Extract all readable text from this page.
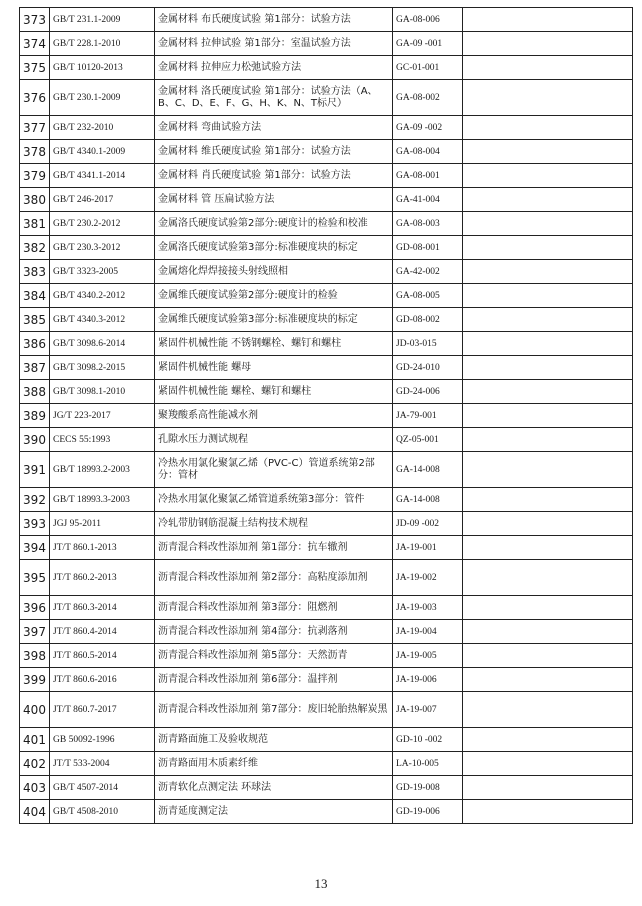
373	GB/T 231.1-2009	金属材料 布氏硬度试验 第1部分：试验方法	GA-08-006	
374	GB/T 228.1-2010	金属材料 拉伸试验 第1部分：室温试验方法	GA-09 -001	
375	GB/T 10120-2013	金属材料 拉伸应力松弛试验方法	GC-01-001	
376	GB/T 230.1-2009	金属材料 洛氏硬度试验 第1部分：试验方法（A、B、C、D、E、F、G、H、K、N、T标尺）	GA-08-002	
377	GB/T 232-2010	金属材料 弯曲试验方法	GA-09 -002	
378	GB/T 4340.1-2009	金属材料 维氏硬度试验 第1部分：试验方法	GA-08-004	
379	GB/T 4341.1-2014	金属材料 肖氏硬度试验 第1部分：试验方法	GA-08-001	
380	GB/T 246-2017	金属材料 管 压扁试验方法	GA-41-004	
381	GB/T 230.2-2012	金属洛氏硬度试验第2部分:硬度计的检验和校准	GA-08-003	
382	GB/T 230.3-2012	金属洛氏硬度试验第3部分:标准硬度块的标定	GD-08-001	
383	GB/T 3323-2005	金属熔化焊焊接接头射线照相	GA-42-002	
384	GB/T 4340.2-2012	金属维氏硬度试验第2部分:硬度计的检验	GA-08-005	
385	GB/T 4340.3-2012	金属维氏硬度试验第3部分:标准硬度块的标定	GD-08-002	
386	GB/T 3098.6-2014	紧固件机械性能 不锈钢螺栓、螺钉和螺柱	JD-03-015	
387	GB/T 3098.2-2015	紧固件机械性能 螺母	GD-24-010	
388	GB/T 3098.1-2010	紧固件机械性能 螺栓、螺钉和螺柱	GD-24-006	
389	JG/T 223-2017	聚羧酸系高性能减水剂	JA-79-001	
390	CECS 55:1993	孔隙水压力测试规程	QZ-05-001	
391	GB/T 18993.2-2003	冷热水用氯化聚氯乙烯（PVC-C）管道系统第2部分：管材	GA-14-008	
392	GB/T 18993.3-2003	冷热水用氯化聚氯乙烯管道系统第3部分：管件	GA-14-008	
393	JGJ 95-2011	冷轧带肋钢筋混凝土结构技术规程	JD-09 -002	
394	JT/T 860.1-2013	沥青混合料改性添加剂 第1部分：抗车辙剂	JA-19-001	
395	JT/T 860.2-2013	沥青混合料改性添加剂 第2部分：高粘度添加剂	JA-19-002	
396	JT/T 860.3-2014	沥青混合料改性添加剂 第3部分：阻燃剂	JA-19-003	
397	JT/T 860.4-2014	沥青混合料改性添加剂 第4部分：抗剥落剂	JA-19-004	
398	JT/T 860.5-2014	沥青混合料改性添加剂 第5部分：天然沥青	JA-19-005	
399	JT/T 860.6-2016	沥青混合料改性添加剂 第6部分：温拌剂	JA-19-006	
400	JT/T 860.7-2017	沥青混合料改性添加剂 第7部分：废旧轮胎热解炭黑	JA-19-007	
401	GB 50092-1996	沥青路面施工及验收规范	GD-10 -002	
402	JT/T 533-2004	沥青路面用木质素纤维	LA-10-005	
403	GB/T 4507-2014	沥青软化点测定法 环球法	GD-19-008	
404	GB/T 4508-2010	沥青延度测定法	GD-19-006	
13
